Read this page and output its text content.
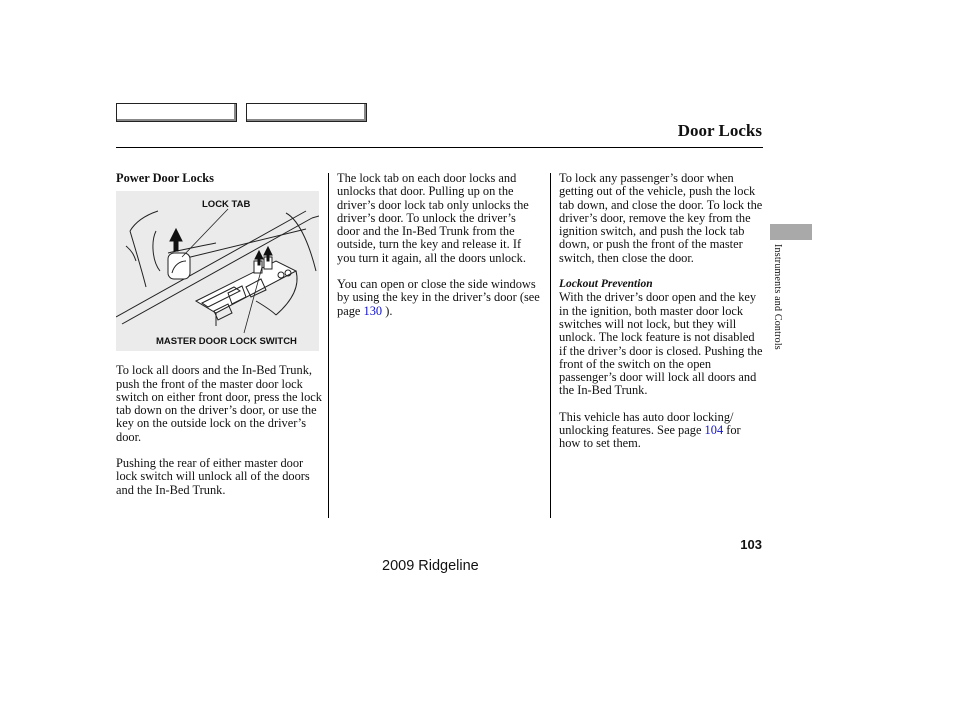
Door Locks

Power Door Locks

LOCK TAB
MASTER DOOR LOCK SWITCH

To lock all doors and the In-Bed Trunk, push the front of the master door lock switch on either front door, press the lock tab down on the driver’s door, or use the key on the outside lock on the driver’s door.

Pushing the rear of either master door lock switch will unlock all of the doors and the In-Bed Trunk.

The lock tab on each door locks and unlocks that door. Pulling up on the driver’s door lock tab only unlocks the driver’s door. To unlock the driver’s door and the In-Bed Trunk from the outside, turn the key and release it. If you turn it again, all the doors unlock.

You can open or close the side windows by using the key in the driver’s door (see page 130 ).

To lock any passenger’s door when getting out of the vehicle, push the lock tab down, and close the door. To lock the driver’s door, remove the key from the ignition switch, and push the lock tab down, or push the front of the master switch, then close the door.

Lockout Prevention

With the driver’s door open and the key in the ignition, both master door lock switches will not lock, but they will unlock. The lock feature is not disabled if the driver’s door is closed. Pushing the front of the switch on the open passenger’s door will lock all doors and the In-Bed Trunk.

This vehicle has auto door locking/ unlocking features. See page 104 for how to set them.

Instruments and Controls
103
2009 Ridgeline
